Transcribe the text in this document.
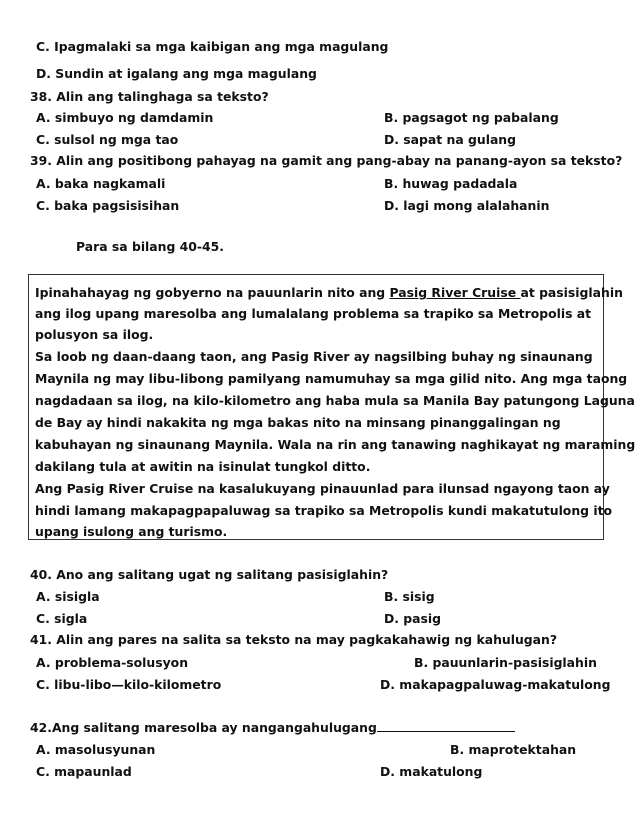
C. Ipagmalaki sa mga kaibigan ang mga magulang
D. Sundin at igalang ang mga magulang
38. Alin ang talinghaga sa teksto?
A. simbuyo ng damdamin	B. pagsagot ng pabalang
C. sulsol ng mga tao	D. sapat na gulang
39. Alin ang positibong pahayag na gamit ang pang-abay na panang-ayon sa teksto?
A. baka nagkamali	B. huwag padadala
C. baka pagsisisihan	D. lagi mong alalahanin
Para sa bilang 40-45.
Ipinahahayag ng gobyerno na pauunlarin nito ang Pasig River Cruise at pasisiglahin
ang ilog upang maresolba ang lumalalang problema sa trapiko sa Metropolis at
polusyon sa ilog.
Sa loob ng daan-daang taon, ang Pasig River ay nagsilbing buhay ng sinaunang
Maynila ng may libu-libong pamilyang namumuhay sa mga gilid nito. Ang mga taong
nagdadaan sa ilog, na kilo-kilometro ang haba mula sa Manila Bay patungong Laguna
de Bay ay hindi nakakita ng mga bakas nito na minsang pinanggalingan ng
kabuhayan ng sinaunang Maynila. Wala na rin ang tanawing naghikayat ng maraming
dakilang tula at awitin na isinulat tungkol ditto.
Ang Pasig River Cruise na kasalukuyang pinauunlad para ilunsad ngayong taon ay
hindi lamang makapagpapaluwag sa trapiko sa Metropolis kundi makatutulong ito
upang isulong ang turismo.
40. Ano ang salitang ugat ng salitang pasisiglahin?
A. sisigla	B. sisig
C. sigla	D. pasig
41. Alin ang pares na salita sa teksto na may pagkakahawig ng kahulugan?
A. problema-solusyon	B. pauunlarin-pasisiglahin
C. libu-libo—kilo-kilometro	D. makapagpaluwag-makatulong
42.Ang salitang maresolba ay nangangahulugang
A. masolusyunan	B. maprotektahan
C. mapaunlad	D. makatulong
